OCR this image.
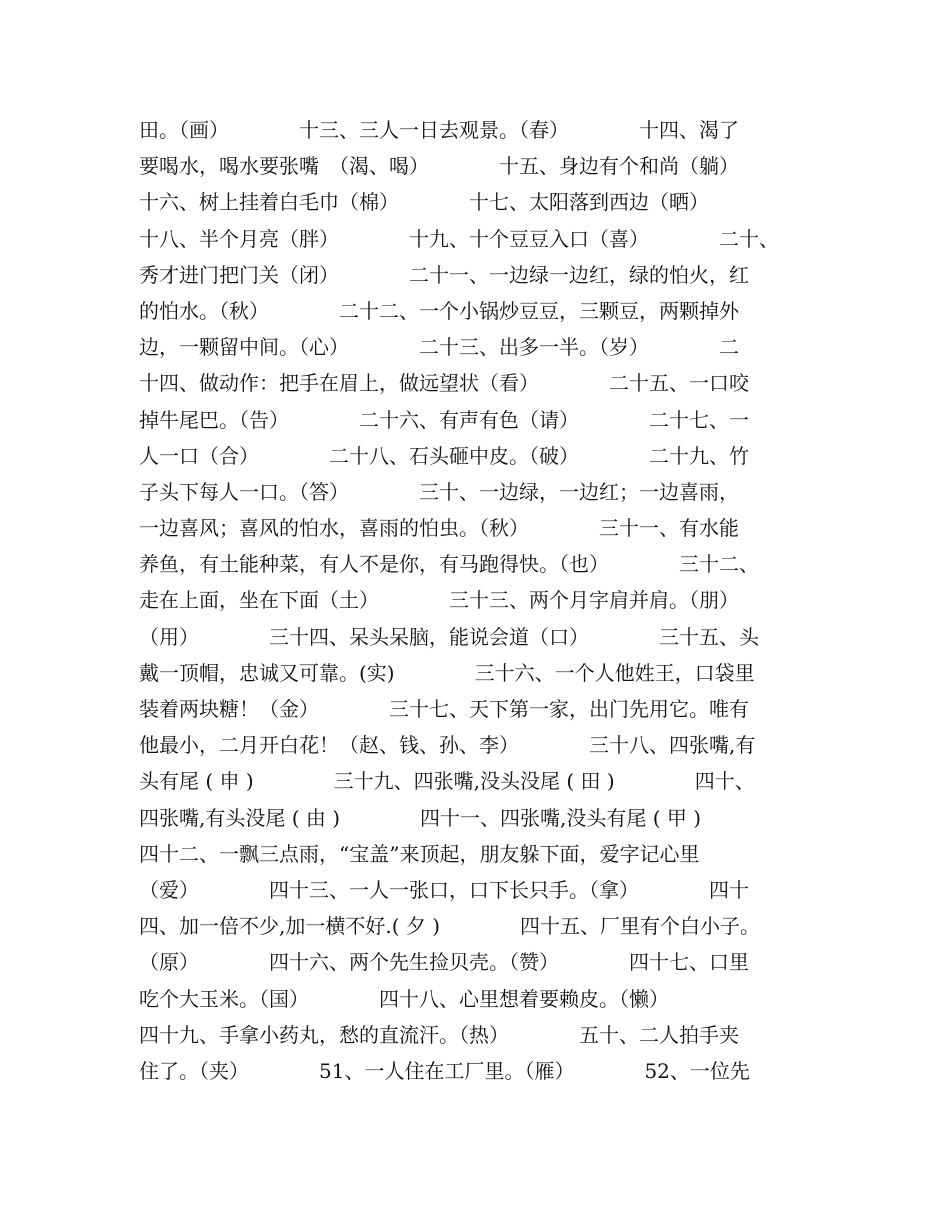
田。（画）　　　　十三、三人一日去观景。（春）　　　　十四、渴了
要喝水，喝水要张嘴　（渴、喝）　　　　十五、身边有个和尚（躺）
十六、树上挂着白毛巾（棉）　　　　十七、太阳落到西边（晒）
十八、半个月亮（胖）　　　　十九、十个豆豆入口（喜）　　　　二十、
秀才进门把门关（闭）　　　　二十一、一边绿一边红，绿的怕火，红
的怕水。（秋）　　　　二十二、一个小锅炒豆豆，三颗豆，两颗掉外
边，一颗留中间。（心）　　　　二十三、出多一半。（岁）　　　　二
十四、做动作：把手在眉上，做远望状（看）　　　　二十五、一口咬
掉牛尾巴。（告）　　　　二十六、有声有色（请）　　　　二十七、一
人一口（合）　　　　二十八、石头砸中皮。（破）　　　　二十九、竹
子头下每人一口。（答）　　　　三十、一边绿，一边红；一边喜雨，
一边喜风；喜风的怕水，喜雨的怕虫。（秋）　　　　三十一、有水能
养鱼，有土能种菜，有人不是你，有马跑得快。（也）　　　　三十二、
走在上面，坐在下面（土）　　　　三十三、两个月字肩并肩。（朋）
（用）　　　　三十四、呆头呆脑，能说会道（口）　　　　三十五、头
戴一顶帽，忠诚又可靠。(实)　　　　三十六、一个人他姓王，口袋里
装着两块糖！（金）　　　　三十七、天下第一家，出门先用它。唯有
他最小，二月开白花！（赵、钱、孙、李）　　　　三十八、四张嘴,有
头有尾 ( 申 )　　　　三十九、四张嘴,没头没尾 ( 田 )　　　　四十、
四张嘴,有头没尾 ( 由 )　　　　四十一、四张嘴,没头有尾 ( 甲 )
四十二、一飘三点雨，“宝盖”来顶起，朋友躲下面，爱字记心里
（爱）　　　　四十三、一人一张口，口下长只手。（拿）　　　　四十
四、加一倍不少,加一横不好.( 夕 )　　　　四十五、厂里有个白小子。
（原）　　　　四十六、两个先生捡贝壳。（赞）　　　　四十七、口里
吃个大玉米。（国）　　　　四十八、心里想着要赖皮。（懒）
四十九、手拿小药丸，愁的直流汗。（热）　　　　五十、二人拍手夹
住了。（夹）　　　　51、一人住在工厂里。（雁）　　　　52、一位先
